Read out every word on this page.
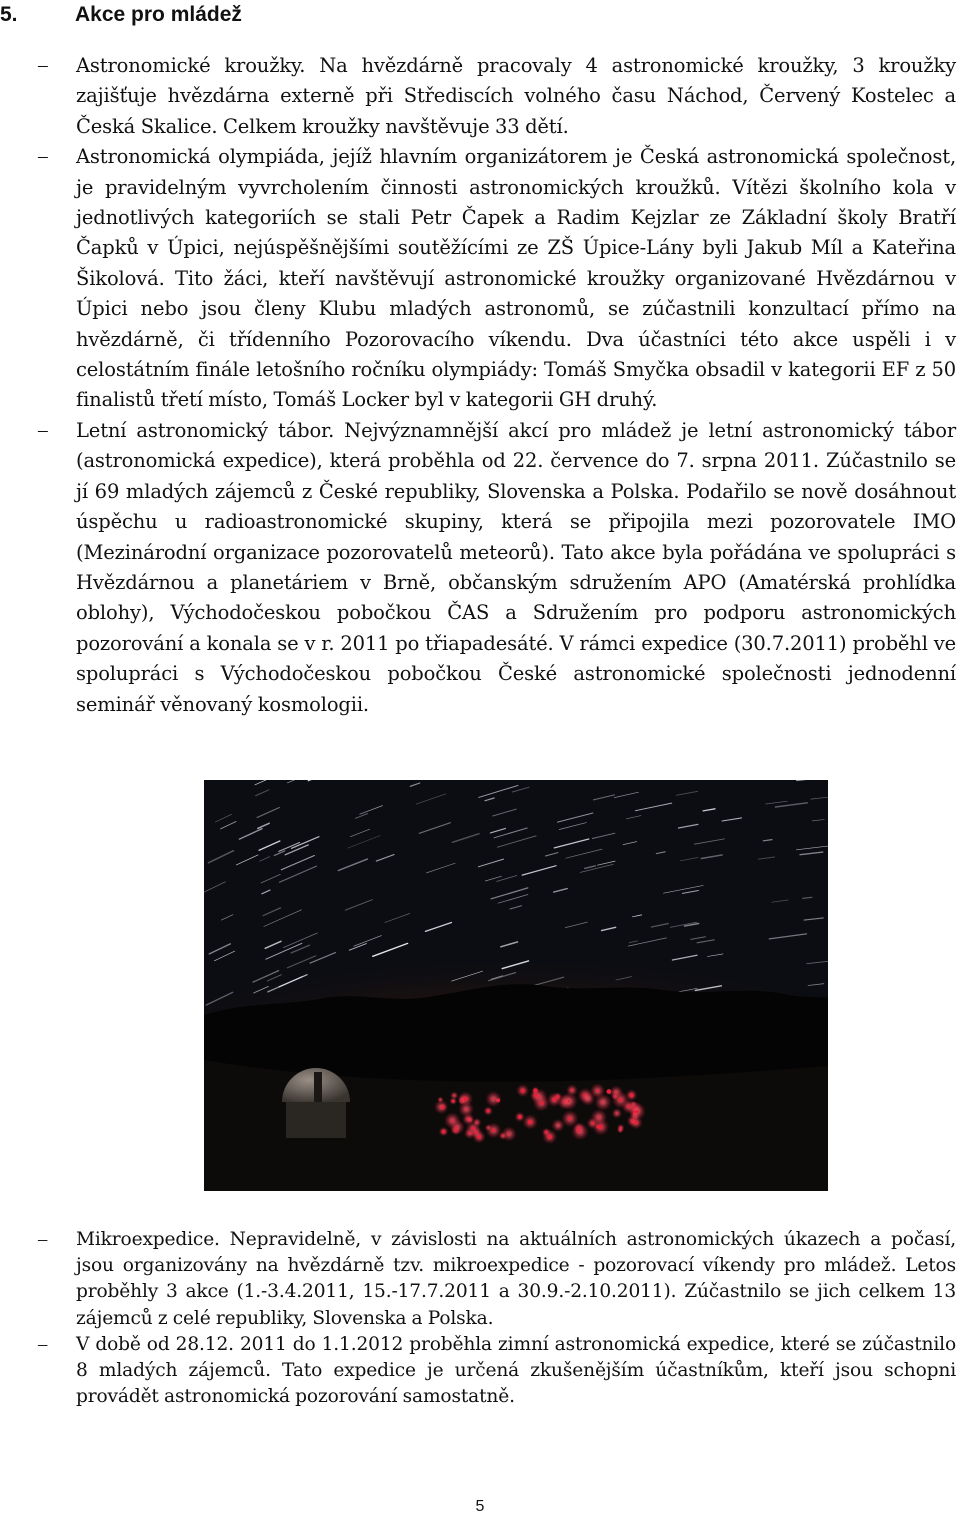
5.	Akce pro mládež
– Astronomické kroužky. Na hvězdárně pracovaly 4 astronomické kroužky, 3 kroužky zajišťuje hvězdárna externě při Střediscích volného času Náchod, Červený Kostelec a Česká Skalice. Celkem kroužky navštěvuje 33 dětí.
– Astronomická olympiáda, jejíž hlavním organizátorem je Česká astronomická společnost, je pravidelným vyvrcholením činnosti astronomických kroužků. Vítězi školního kola v jednotlivých kategoriích se stali Petr Čapek a Radim Kejzlar ze Základní školy Bratří Čapků v Úpici, nejúspěšnějšími soutěžícími ze ZŠ Úpice-Lány byli Jakub Míl a Kateřina Šikolová. Tito žáci, kteří navštěvují astronomické kroužky organizované Hvězdárnou v Úpici nebo jsou členy Klubu mladých astronomů, se zúčastnili konzultací přímo na hvězdárně, či třídenního Pozorovacího víkendu. Dva účastníci této akce uspěli i v celostátním finále letošního ročníku olympiády: Tomáš Smyčka obsadil v kategorii EF z 50 finalistů třetí místo, Tomáš Locker byl v kategorii GH druhý.
– Letní astronomický tábor. Nejvýznamnější akcí pro mládež je letní astronomický tábor (astronomická expedice), která proběhla od 22. července do 7. srpna 2011. Zúčastnilo se jí 69 mladých zájemců z České republiky, Slovenska a Polska. Podařilo se nově dosáhnout úspěchu u radioastronomické skupiny, která se připojila mezi pozorovatele IMO (Mezinárodní organizace pozorovatelů meteorů). Tato akce byla pořádána ve spolupráci s Hvězdárnou a planetáriem v Brně, občanským sdružením APO (Amatérská prohlídka oblohy), Východočeskou pobočkou ČAS a Sdružením pro podporu astronomických pozorování a konala se v r. 2011 po třiapadesáté. V rámci expedice (30.7.2011) proběhl ve spolupráci s Východočeskou pobočkou České astronomické společnosti jednodenní seminář věnovaný kosmologii.
– Mikroexpedice. Nepravidelně, v závislosti na aktuálních astronomických úkazech a počasí, jsou organizovány na hvězdárně tzv. mikroexpedice - pozorovací víkendy pro mládež. Letos proběhly 3 akce (1.-3.4.2011, 15.-17.7.2011 a 30.9.-2.10.2011). Zúčastnilo se jich celkem 13 zájemců z celé republiky, Slovenska a Polska.
– V době od 28.12. 2011 do 1.1.2012 proběhla zimní astronomická expedice, které se zúčastnilo 8 mladých zájemců. Tato expedice je určená zkušenějším účastníkům, kteří jsou schopni provádět astronomická pozorování samostatně.
5
